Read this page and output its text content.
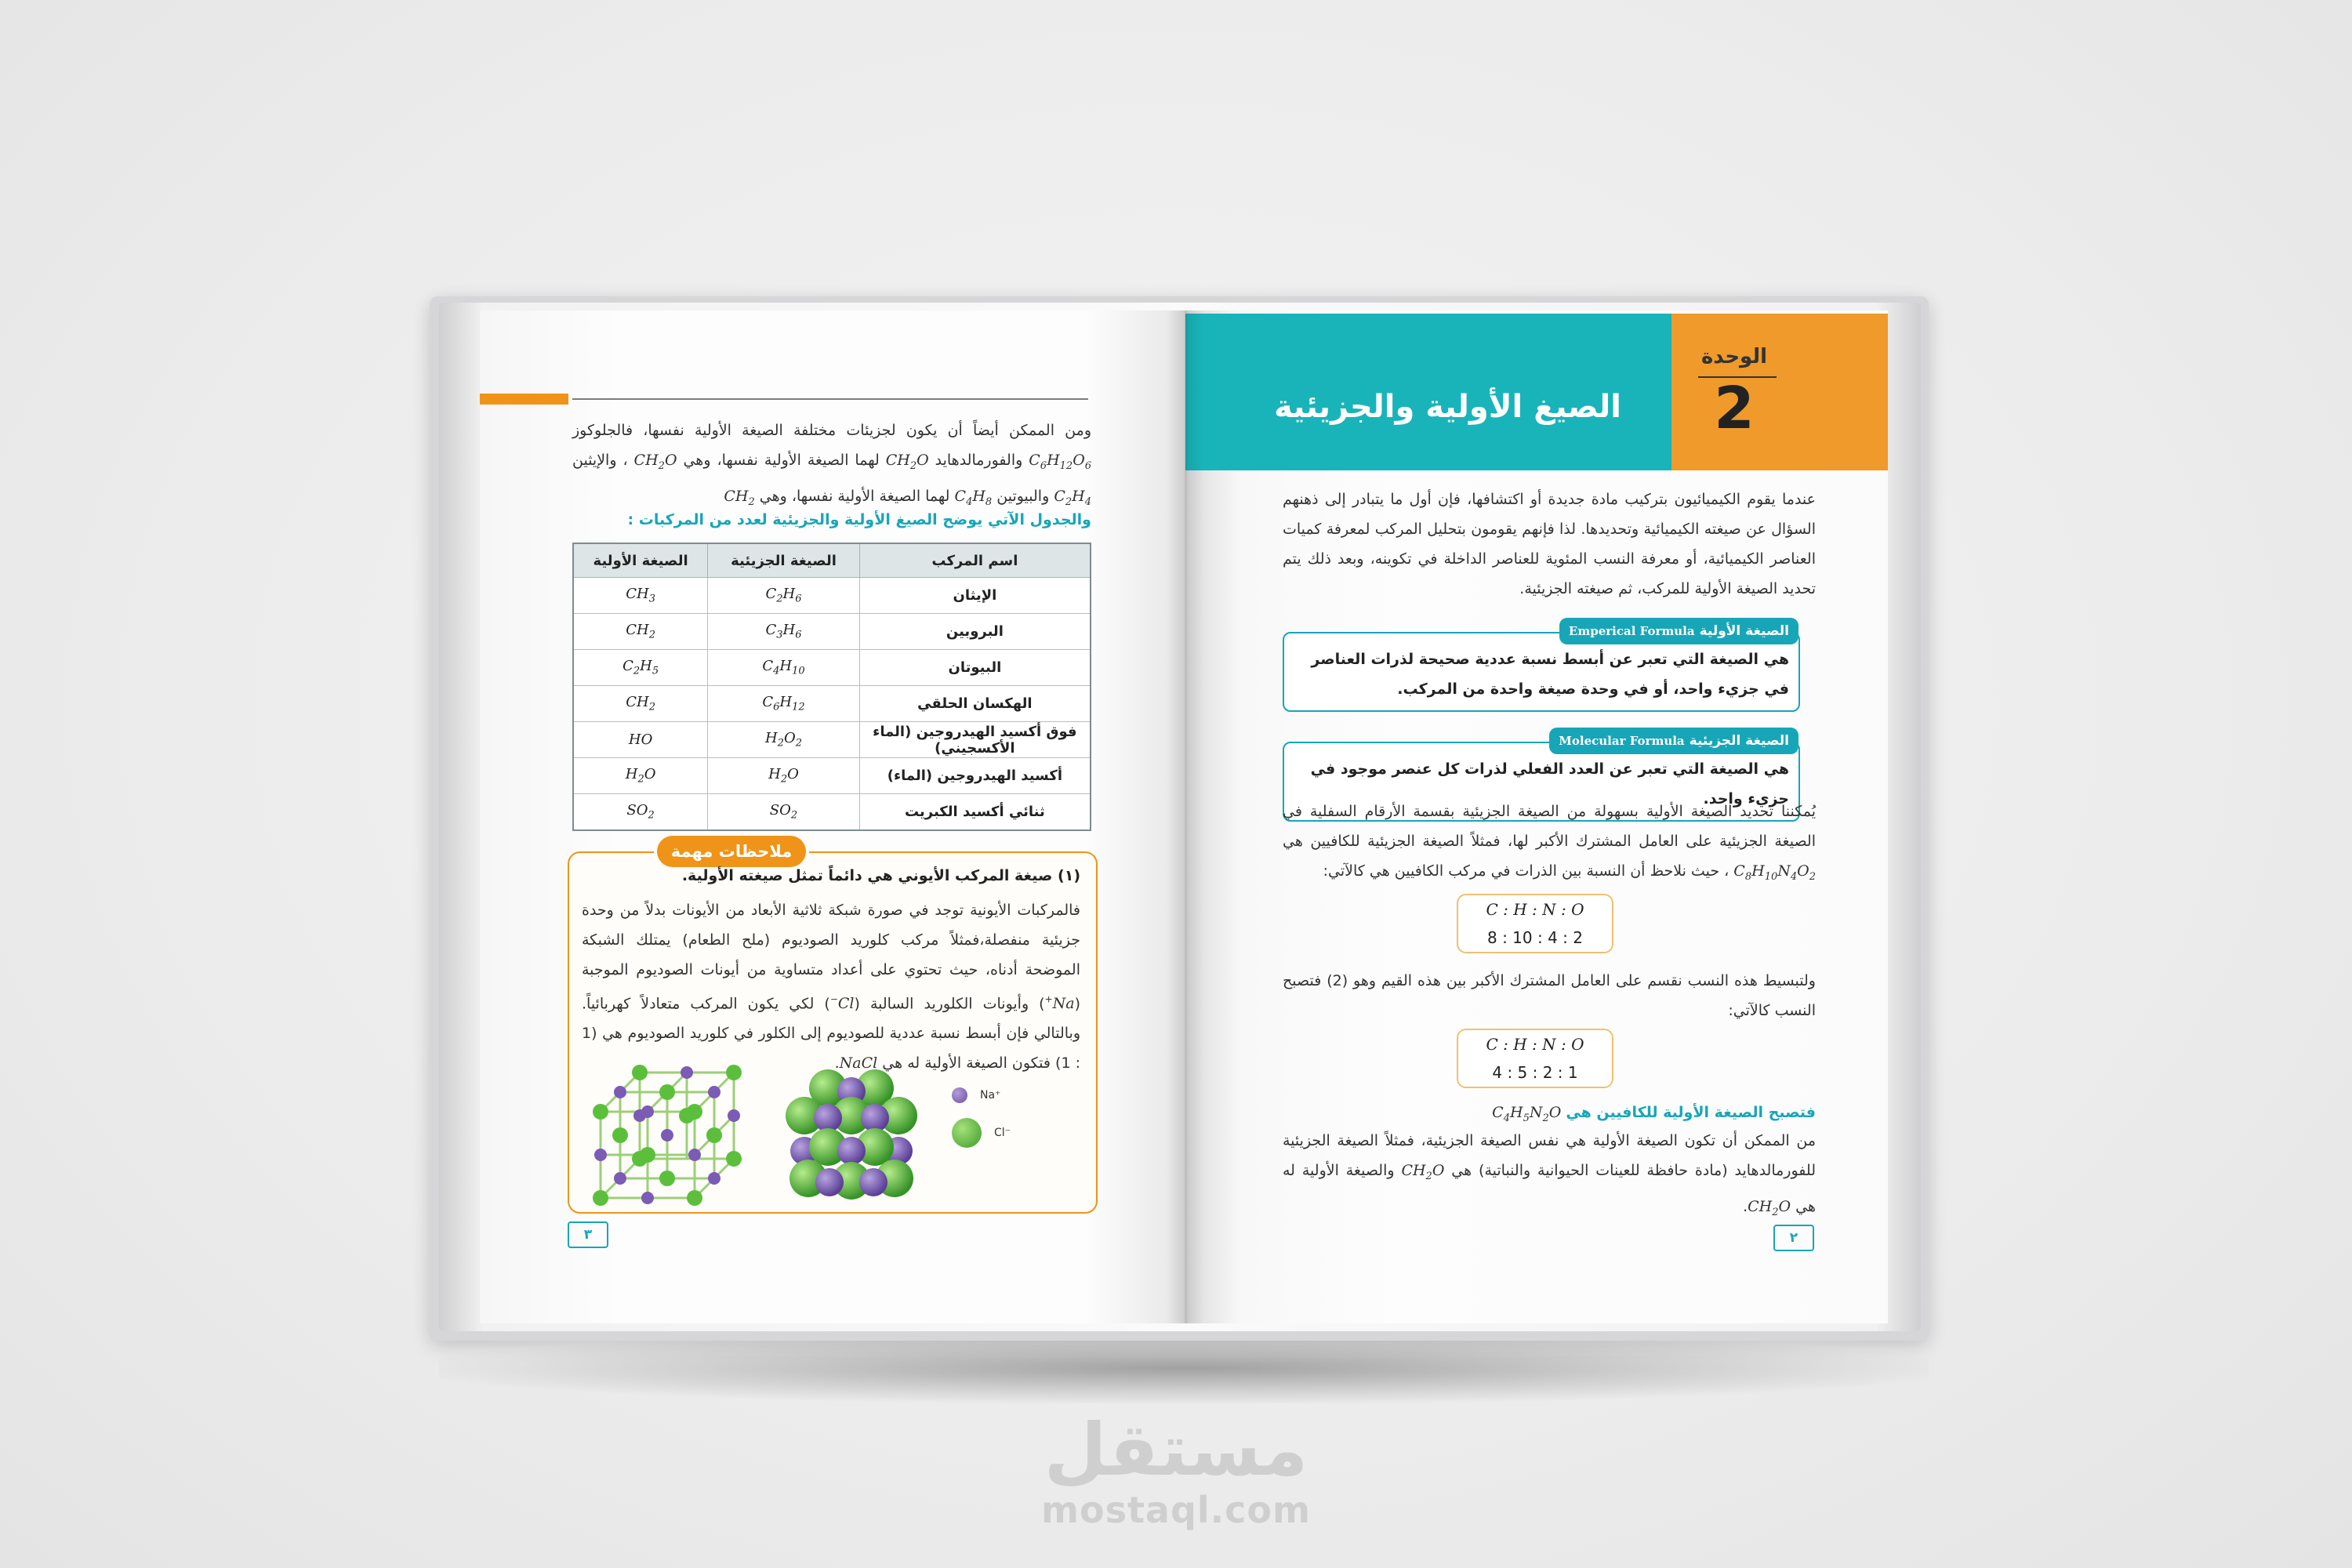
ومن الممكن أيضاً أن يكون لجزيئات مختلفة الصيغة الأولية نفسها، فالجلوكوز $C_6H_{12}O_6$ والفورمالدهايد $CH_2O$ لهما الصيغة الأولية نفسها، وهي $CH_2O$ ، والإيثين $C_2H_4$ والبيوتين $C_4H_8$ لهما الصيغة الأولية نفسها، وهي $CH_2$
والجدول الآتي يوضح الصيغ الأولية والجزيئية لعدد من المركبات :
اسم المركب	الصيغة الجزيئية	الصيغة الأولية
الإيثان	$C_2H_6$	$CH_3$
البروبين	$C_3H_6$	$CH_2$
البيوتان	$C_4H_{10}$	$C_2H_5$
الهكسان الحلقي	$C_6H_{12}$	$CH_2$
فوق أكسيد الهيدروجين (الماء الأكسجيني)	$H_2O_2$	HO
أكسيد الهيدروجين (الماء)	$H_2O$	$H_2O$
ثنائي أكسيد الكبريت	$SO_2$	$SO_2$
ملاحظات مهمة
(١) صيغة المركب الأيوني هي دائماً تمثل صيغته الأولية.
فالمركبات الأيونية توجد في صورة شبكة ثلاثية الأبعاد من الأيونات بدلاً من وحدة جزيئية منفصلة،فمثلاً مركب كلوريد الصوديوم (ملح الطعام) يمتلك الشبكة الموضحة أدناه، حيث تحتوي على أعداد متساوية من أيونات الصوديوم الموجبة (Na+) وأيونات الكلوريد السالبة (Cl−) لكي يكون المركب متعادلاً كهربائياً. وبالتالي فإن أبسط نسبة عددية للصوديوم إلى الكلور في كلوريد الصوديوم هي (1 : 1) فتكون الصيغة الأولية له هي NaCl.
Na⁺
Cl⁻
٣
الصيغ الأولية والجزيئية
الوحدة
2
عندما يقوم الكيميائيون بتركيب مادة جديدة أو اكتشافها، فإن أول ما يتبادر إلى ذهنهم السؤال عن صيغته الكيميائية وتحديدها. لذا فإنهم يقومون بتحليل المركب لمعرفة كميات العناصر الكيميائية، أو معرفة النسب المئوية للعناصر الداخلة في تكوينه، وبعد ذلك يتم تحديد الصيغة الأولية للمركب، ثم صيغته الجزيئية.
الصيغة الأوليةEmperical Formula
هي الصيغة التي تعبر عن أبسط نسبة عددية صحيحة لذرات العناصر في جزيء واحد، أو في وحدة صيغة واحدة من المركب.
الصيغة الجزيئيةMolecular Formula
هي الصيغة التي تعبر عن العدد الفعلي لذرات كل عنصر موجود في جزيء واحد.
يُمكننا تحديد الصيغة الأولية بسهولة من الصيغة الجزيئية بقسمة الأرقام السفلية في الصيغة الجزيئية على العامل المشترك الأكبر لها، فمثلاً الصيغة الجزيئية للكافيين هي $C_8H_{10}N_4O_2$ ، حيث نلاحظ أن النسبة بين الذرات في مركب الكافيين هي كالآتي:
C : H : N : O
8 : 10 : 4 : 2
ولتبسيط هذه النسب نقسم على العامل المشترك الأكبر بين هذه القيم وهو (2) فتصبح النسب كالآتي:
C : H : N : O
4 : 5 : 2 : 1
فتصبح الصيغة الأولية للكافيين هي $C_4H_5N_2O$
من الممكن أن تكون الصيغة الأولية هي نفس الصيغة الجزيئية، فمثلاً الصيغة الجزيئية للفورمالدهايد (مادة حافظة للعينات الحيوانية والنباتية) هي $CH_2O$ والصيغة الأولية له هي $CH_2O$.
٢
مستقل
mostaql.com
